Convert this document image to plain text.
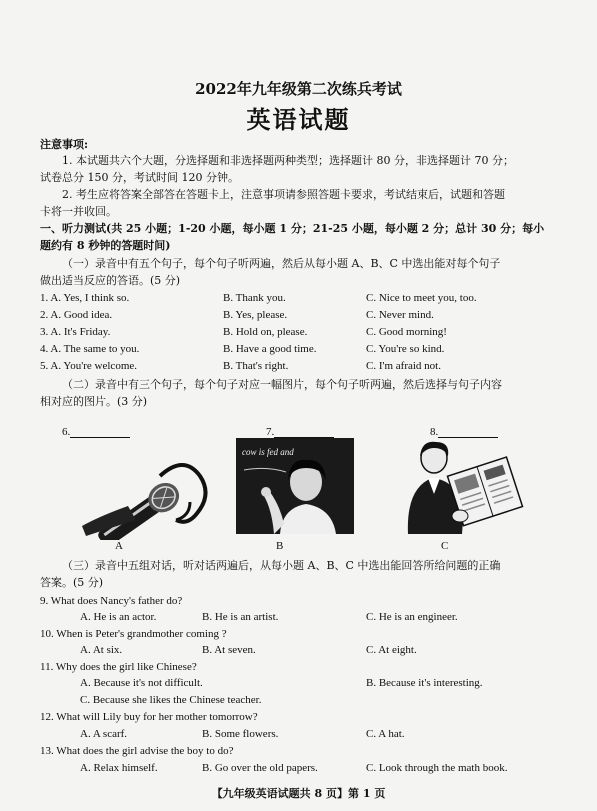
2022年九年级第二次练兵考试
英语试题
注意事项:
1. 本试题共六个大题，分选择题和非选择题两种类型；选择题计 80 分，非选择题计 70 分；
试卷总分 150 分，考试时间 120 分钟。
2. 考生应将答案全部答在答题卡上，注意事项请参照答题卡要求，考试结束后，试题和答题
卡将一并收回。
一、听力测试(共 25 小题；1-20 小题，每小题 1 分；21-25 小题，每小题 2 分；总计 30 分；每小
题约有 8 秒钟的答题时间)
（一）录音中有五个句子，每个句子听两遍，然后从每小题 A、B、C 中选出能对每个句子
做出适当反应的答语。(5 分)
1. A. Yes, I think so.	B. Thank you.	C. Nice to meet you, too.
2. A. Good idea.	B. Yes, please.	C. Never mind.
3. A. It's Friday.	B. Hold on, please.	C. Good morning!
4. A. The same to you.	B. Have a good time.	C. You're so kind.
5. A. You're welcome.	B. That's right.	C. I'm afraid not.
（二）录音中有三个句子，每个句子对应一幅图片，每个句子听两遍，然后选择与句子内容
相对应的图片。(3 分)
6.	7.	8.
A
cow is fed and
B	C
（三）录音中五组对话，听对话两遍后，从每小题 A、B、C 中选出能回答所给问题的正确
答案。(5 分)
9. What does Nancy's father do?
A. He is an actor.	B. He is an artist.	C. He is an engineer.
10. When is Peter's grandmother coming ?
A. At six.	B. At seven.	C. At eight.
11. Why does the girl like Chinese?
A. Because it's not difficult.	B. Because it's interesting.
C. Because she likes the Chinese teacher.
12. What will Lily buy for her mother tomorrow?
A. A scarf.	B. Some flowers.	C. A hat.
13. What does the girl advise the boy to do?
A. Relax himself.	B. Go over the old papers.	C. Look through the math book.
【九年级英语试题共 8 页】第 1 页
